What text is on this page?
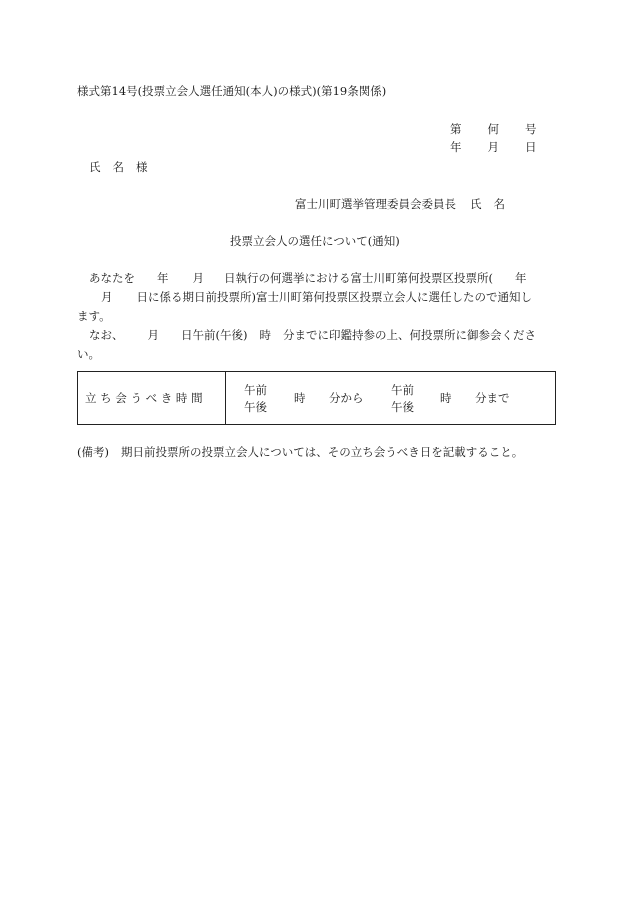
様式第14号(投票立会人選任通知(本人)の様式)(第19条関係)
第 何 号
年 月 日
氏 名 様
富士川町選挙管理委員会委員長 氏 名
投票立会人の選任について(通知)
あなたを 年 月 日執行の何選挙における富士川町第何投票区投票所( 年
月 日に係る期日前投票所)富士川町第何投票区投票立会人に選任したので通知し
ます。
なお、 月 日午前(午後) 時 分までに印鑑持参の上、何投票所に御参会くださ
い。
立 ち 会 う べ き 時 間
午前
午後
時 分から
午前
午後
時 分まで
(備考) 期日前投票所の投票立会人については、その立ち会うべき日を記載すること。
